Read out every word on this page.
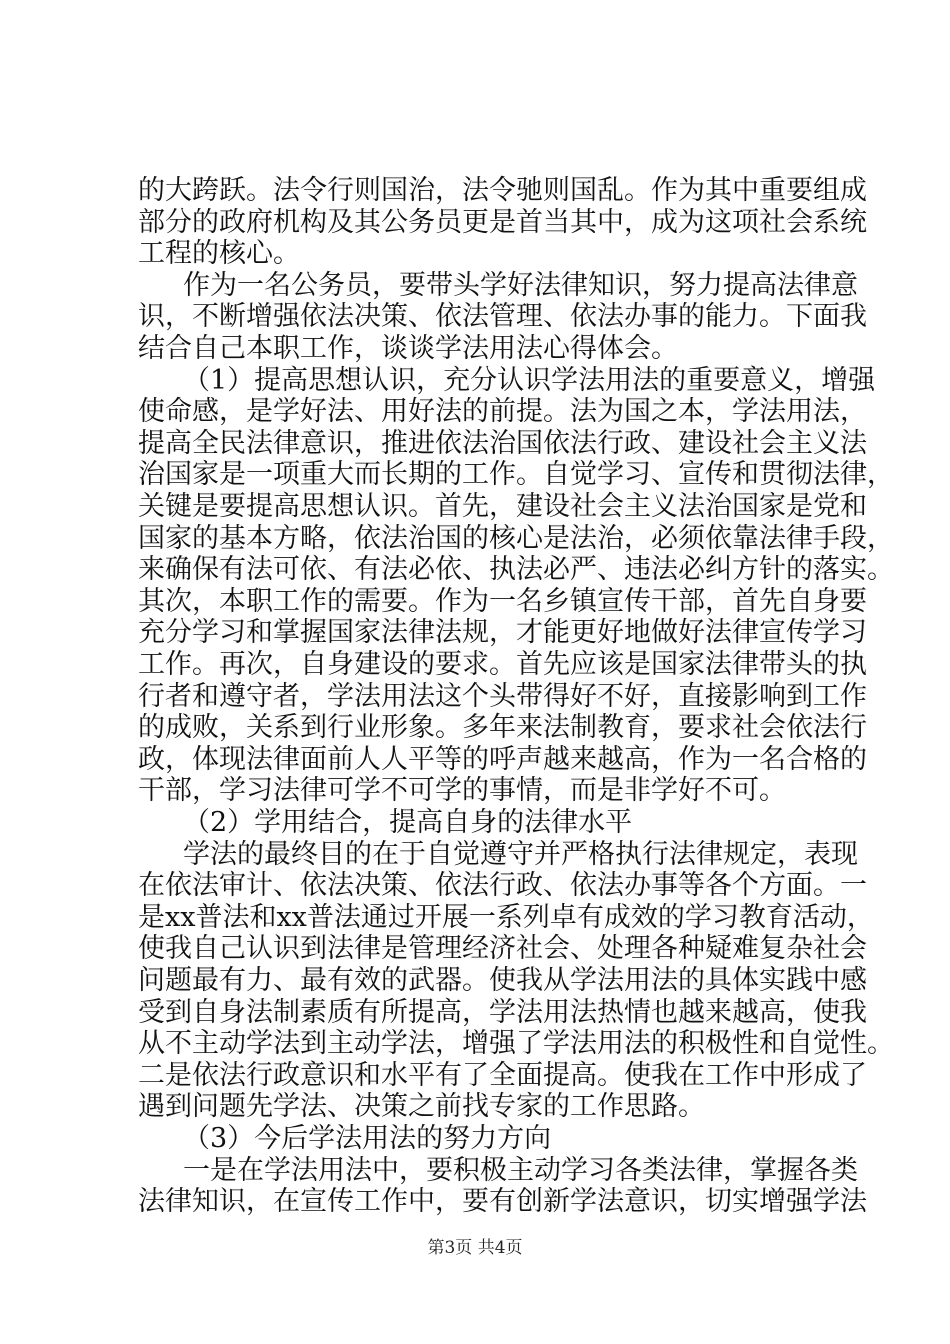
的大跨跃。法令行则国治，法令驰则国乱。作为其中重要组成
部分的政府机构及其公务员更是首当其中，成为这项社会系统
工程的核心。
作为一名公务员，要带头学好法律知识，努力提高法律意
识，不断增强依法决策、依法管理、依法办事的能力。下面我
结合自己本职工作，谈谈学法用法心得体会。
（1）提高思想认识，充分认识学法用法的重要意义，增强
使命感，是学好法、用好法的前提。法为国之本，学法用法，
提高全民法律意识，推进依法治国依法行政、建设社会主义法
治国家是一项重大而长期的工作。自觉学习、宣传和贯彻法律，
关键是要提高思想认识。首先，建设社会主义法治国家是党和
国家的基本方略，依法治国的核心是法治，必须依靠法律手段，
来确保有法可依、有法必依、执法必严、违法必纠方针的落实。
其次，本职工作的需要。作为一名乡镇宣传干部，首先自身要
充分学习和掌握国家法律法规，才能更好地做好法律宣传学习
工作。再次，自身建设的要求。首先应该是国家法律带头的执
行者和遵守者，学法用法这个头带得好不好，直接影响到工作
的成败，关系到行业形象。多年来法制教育，要求社会依法行
政，体现法律面前人人平等的呼声越来越高，作为一名合格的
干部，学习法律可学不可学的事情，而是非学好不可。
（2）学用结合，提高自身的法律水平
学法的最终目的在于自觉遵守并严格执行法律规定，表现
在依法审计、依法决策、依法行政、依法办事等各个方面。一
是xx普法和xx普法通过开展一系列卓有成效的学习教育活动，
使我自己认识到法律是管理经济社会、处理各种疑难复杂社会
问题最有力、最有效的武器。使我从学法用法的具体实践中感
受到自身法制素质有所提高，学法用法热情也越来越高，使我
从不主动学法到主动学法，增强了学法用法的积极性和自觉性。
二是依法行政意识和水平有了全面提高。使我在工作中形成了
遇到问题先学法、决策之前找专家的工作思路。
（3）今后学法用法的努力方向
一是在学法用法中，要积极主动学习各类法律，掌握各类
法律知识，在宣传工作中，要有创新学法意识，切实增强学法
第3页 共4页
